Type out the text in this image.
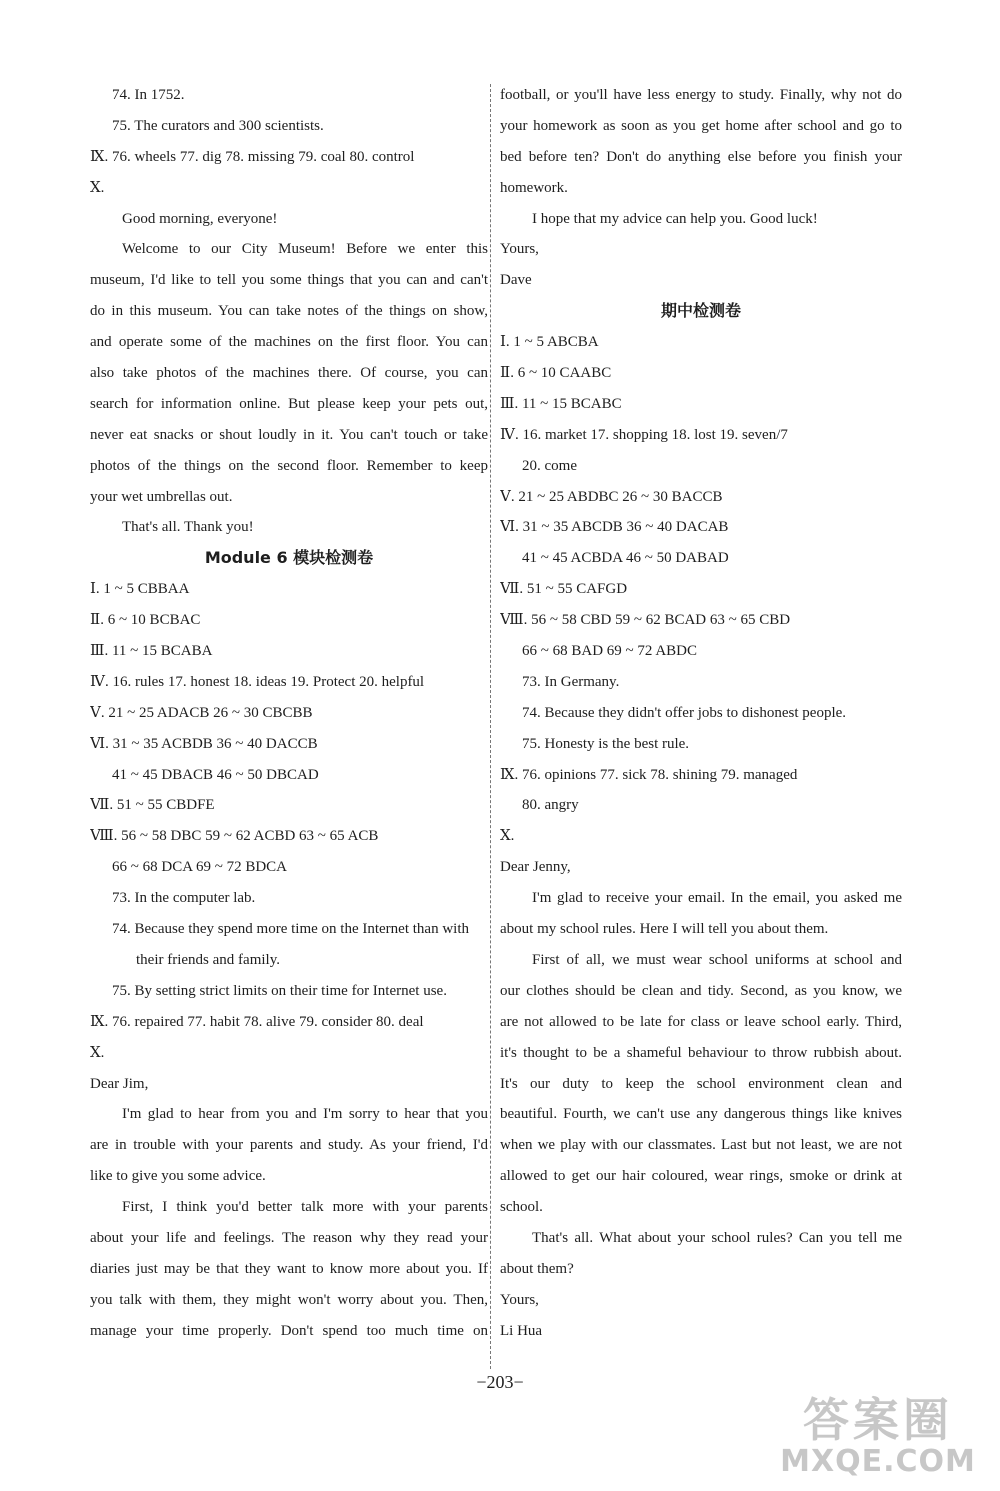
74. In 1752.
75. The curators and 300 scientists.
Ⅸ. 76. wheels 77. dig 78. missing 79. coal 80. control
Ⅹ.
Good morning, everyone!
Welcome to our City Museum! Before we enter this
museum, I'd like to tell you some things that you can and can't
do in this museum. You can take notes of the things on show,
and operate some of the machines on the first floor. You can
also take photos of the machines there. Of course, you can
search for information online. But please keep your pets out,
never eat snacks or shout loudly in it. You can't touch or take
photos of the things on the second floor. Remember to keep
your wet umbrellas out.
That's all. Thank you!
Module 6 模块检测卷
Ⅰ. 1 ~ 5 CBBAA
Ⅱ. 6 ~ 10 BCBAC
Ⅲ. 11 ~ 15 BCABA
Ⅳ. 16. rules 17. honest 18. ideas 19. Protect 20. helpful
Ⅴ. 21 ~ 25 ADACB 26 ~ 30 CBCBB
Ⅵ. 31 ~ 35 ACBDB 36 ~ 40 DACCB
41 ~ 45 DBACB 46 ~ 50 DBCAD
Ⅶ. 51 ~ 55 CBDFE
Ⅷ. 56 ~ 58 DBC 59 ~ 62 ACBD 63 ~ 65 ACB
66 ~ 68 DCA 69 ~ 72 BDCA
73. In the computer lab.
74. Because they spend more time on the Internet than with
their friends and family.
75. By setting strict limits on their time for Internet use.
Ⅸ. 76. repaired 77. habit 78. alive 79. consider 80. deal
Ⅹ.
Dear Jim,
I'm glad to hear from you and I'm sorry to hear that you
are in trouble with your parents and study. As your friend, I'd
like to give you some advice.
First, I think you'd better talk more with your parents
about your life and feelings. The reason why they read your
diaries just may be that they want to know more about you. If
you talk with them, they might won't worry about you. Then,
manage your time properly. Don't spend too much time on
football, or you'll have less energy to study. Finally, why not do
your homework as soon as you get home after school and go to
bed before ten? Don't do anything else before you finish your
homework.
I hope that my advice can help you. Good luck!
Yours,
Dave
期中检测卷
Ⅰ. 1 ~ 5 ABCBA
Ⅱ. 6 ~ 10 CAABC
Ⅲ. 11 ~ 15 BCABC
Ⅳ. 16. market 17. shopping 18. lost 19. seven/7
20. come
Ⅴ. 21 ~ 25 ABDBC 26 ~ 30 BACCB
Ⅵ. 31 ~ 35 ABCDB 36 ~ 40 DACAB
41 ~ 45 ACBDA 46 ~ 50 DABAD
Ⅶ. 51 ~ 55 CAFGD
Ⅷ. 56 ~ 58 CBD 59 ~ 62 BCAD 63 ~ 65 CBD
66 ~ 68 BAD 69 ~ 72 ABDC
73. In Germany.
74. Because they didn't offer jobs to dishonest people.
75. Honesty is the best rule.
Ⅸ. 76. opinions 77. sick 78. shining 79. managed
80. angry
Ⅹ.
Dear Jenny,
I'm glad to receive your email. In the email, you asked me
about my school rules. Here I will tell you about them.
First of all, we must wear school uniforms at school and
our clothes should be clean and tidy. Second, as you know, we
are not allowed to be late for class or leave school early. Third,
it's thought to be a shameful behaviour to throw rubbish about.
It's our duty to keep the school environment clean and
beautiful. Fourth, we can't use any dangerous things like knives
when we play with our classmates. Last but not least, we are not
allowed to get our hair coloured, wear rings, smoke or drink at
school.
That's all. What about your school rules? Can you tell me
about them?
Yours,
Li Hua
−203−
答案圈
MXQE.COM
